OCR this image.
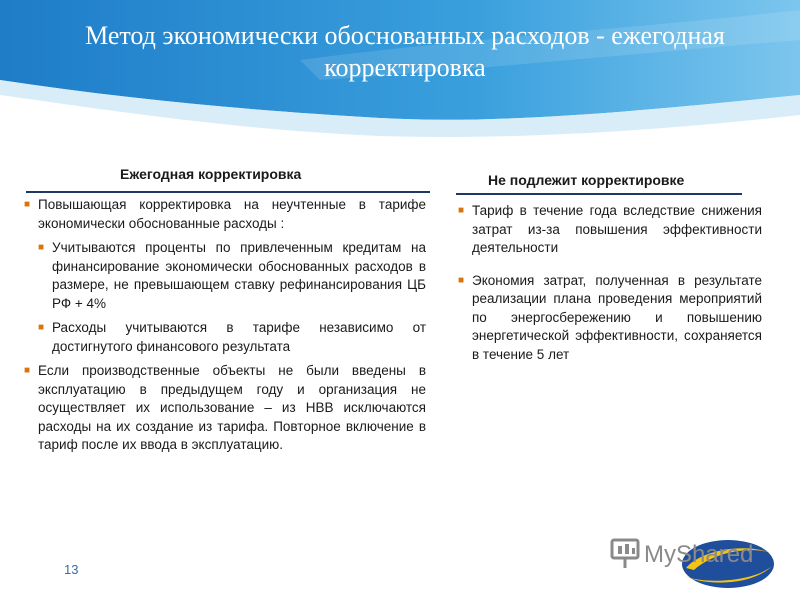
Метод экономически обоснованных расходов - ежегодная корректировка
Ежегодная корректировка
■ Повышающая корректировка на неучтенные в тарифе экономически обоснованные расходы :
■ Учитываются проценты по привлеченным кредитам на финансирование экономически обоснованных расходов в размере, не превышающем ставку рефинансирования ЦБ РФ + 4%
■ Расходы учитываются в тарифе независимо от достигнутого финансового результата
■ Если производственные объекты не были введены в эксплуатацию в предыдущем году и организация не осуществляет их использование – из НВВ исключаются расходы на их создание из тарифа. Повторное включение в тариф после их ввода в эксплуатацию.
Не подлежит корректировке
■ Тариф в течение года вследствие снижения затрат из-за повышения эффективности деятельности
■ Экономия затрат, полученная в результате реализации плана проведения мероприятий по энергосбережению и повышению энергетической эффективности, сохраняется в течение 5 лет
13
MyShared
